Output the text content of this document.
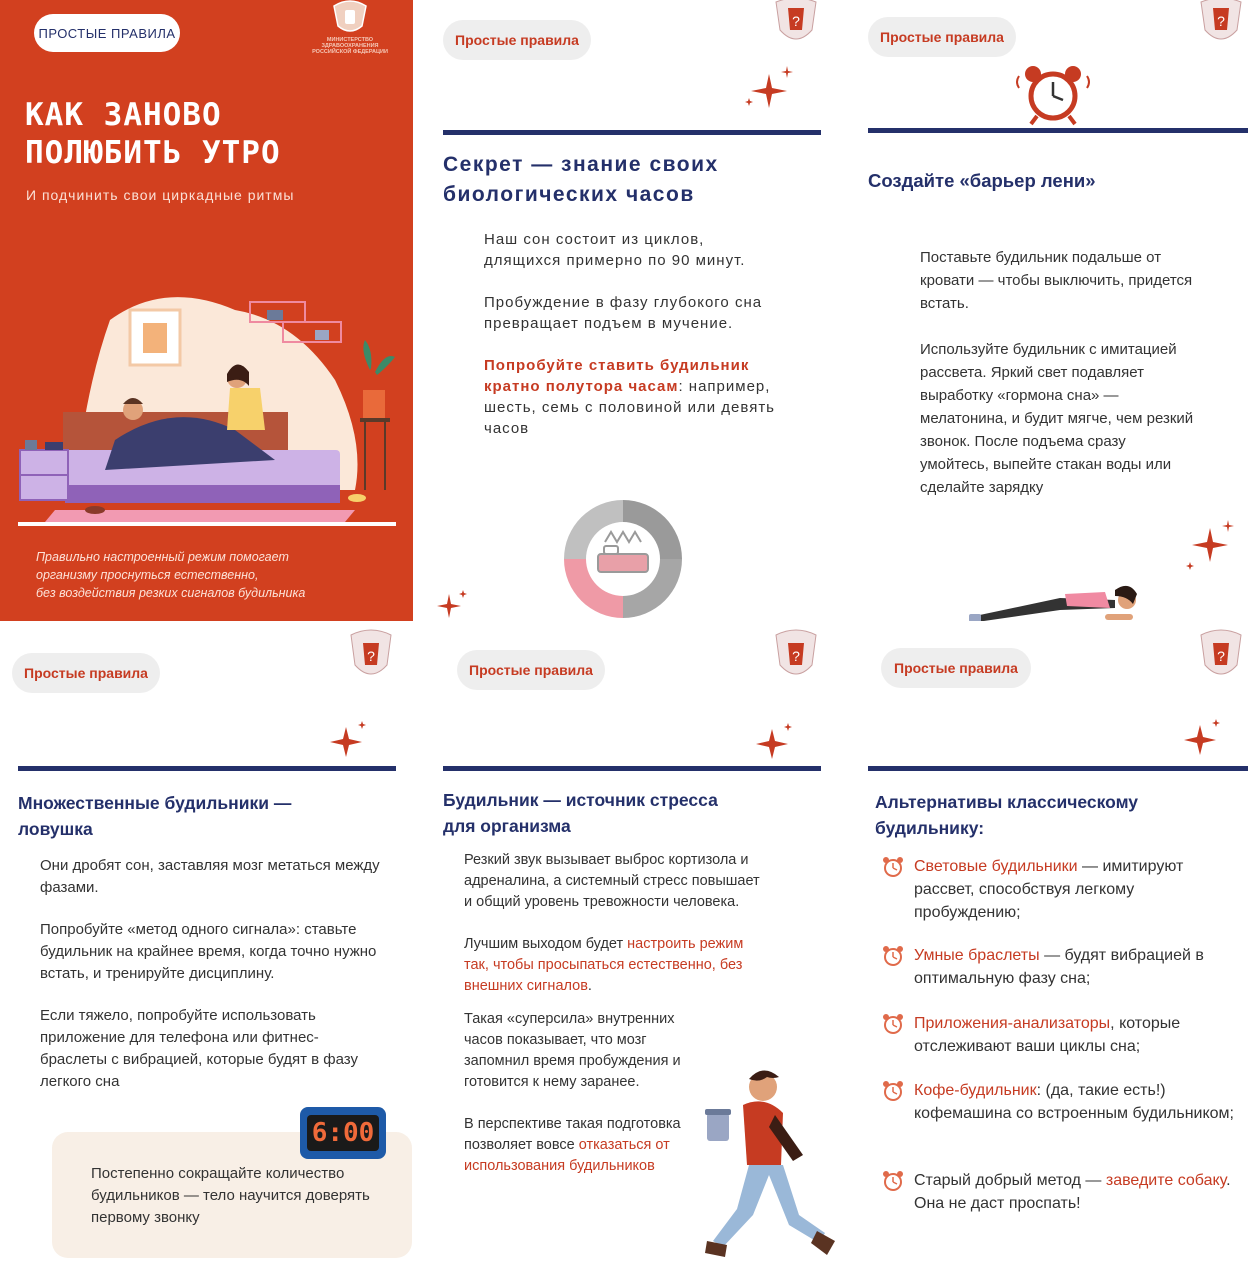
ПРОСТЫЕ ПРАВИЛА	МИНИСТЕРСТВО
ЗДРАВООХРАНЕНИЯ
РОССИЙСКОЙ ФЕДЕРАЦИИ
КАК ЗАНОВО
ПОЛЮБИТЬ УТРО
И подчинить свои циркадные ритмы
Правильно настроенный режим помогает
организму проснуться естественно,
без воздействия резких сигналов будильника
Простые правила
?
Секрет — знание своих
биологических часов

Наш сон состоит из циклов, длящихся примерно по 90 минут.

Пробуждение в фазу глубокого сна превращает подъем в мучение.

Попробуйте ставить будильник кратно полутора часам: например, шесть, семь с половиной или девять часов

Простые правила
?
Создайте «барьер лени»

Поставьте будильник подальше от кровати — чтобы выключить, придется встать.

Используйте будильник с имитацией рассвета. Яркий свет подавляет выработку «гормона сна» — мелатонина, и будит мягче, чем резкий звонок. После подъема сразу умойтесь, выпейте стакан воды или сделайте зарядку

Простые правила
?
Множественные будильники —
ловушка

Они дробят сон, заставляя мозг метаться между фазами.

Попробуйте «метод одного сигнала»: ставьте будильник на крайнее время, когда точно нужно встать, и тренируйте дисциплину.

Если тяжело, попробуйте использовать приложение для телефона или фитнес-браслеты с вибрацией, которые будят в фазу легкого сна

6:00
Постепенно сокращайте количество будильников — тело научится доверять первому звонку
Простые правила
?
Будильник — источник стресса
для организма

Резкий звук вызывает выброс кортизола и адреналина, а системный стресс повышает и общий уровень тревожности человека.

Лучшим выходом будет настроить режим так, чтобы просыпаться естественно, без внешних сигналов.

Такая «суперсила» внутренних часов показывает, что мозг запомнил время пробуждения и готовится к нему заранее.

В перспективе такая подготовка позволяет вовсе отказаться от использования будильников

Простые правила
?
Альтернативы классическому
будильнику:
Световые будильники — имитируют рассвет, способствуя легкому пробуждению;
Умные браслеты — будят вибрацией в оптимальную фазу сна;
Приложения-анализаторы, которые отслеживают ваши циклы сна;
Кофе-будильник: (да, такие есть!) кофемашина со встроенным будильником;
Старый добрый метод — заведите собаку. Она не даст проспать!
